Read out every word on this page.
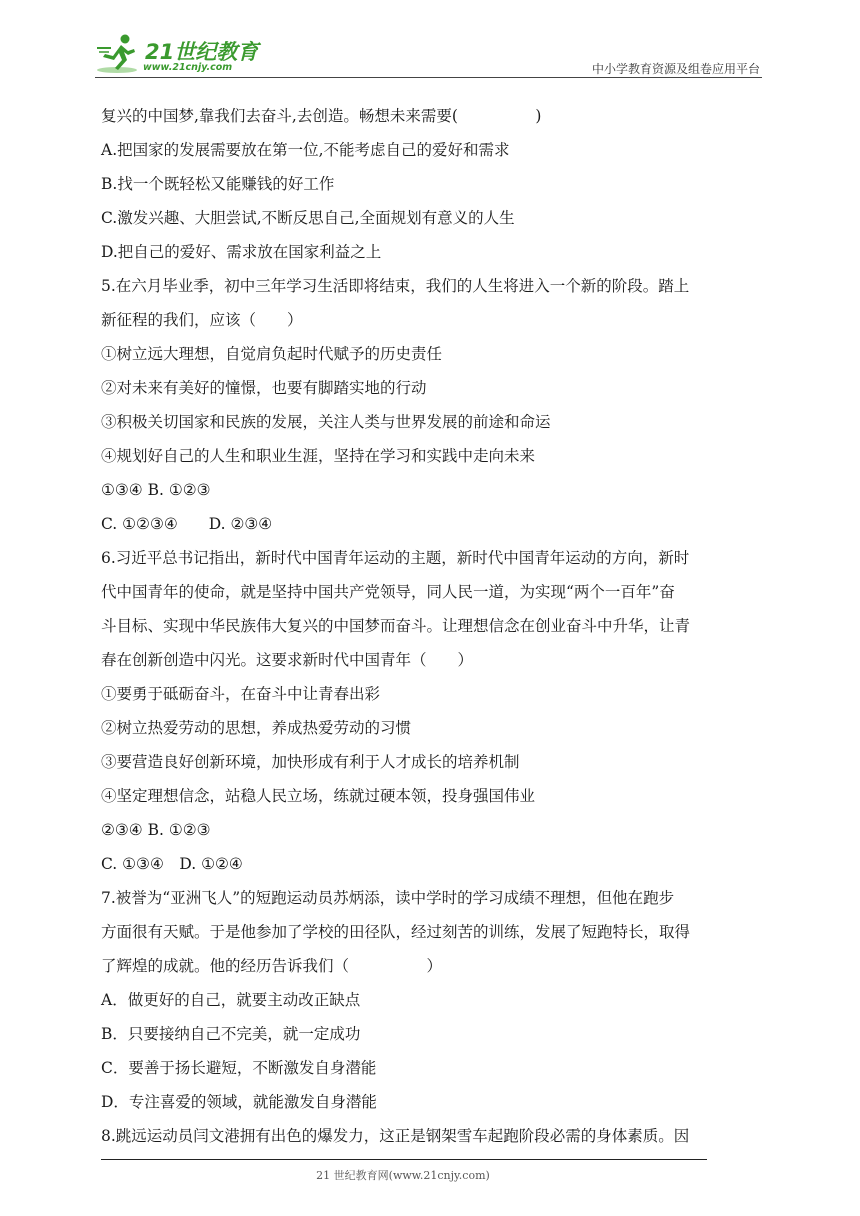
21世纪教育
www.21cnjy.com	中小学教育资源及组卷应用平台
复兴的中国梦,靠我们去奋斗,去创造。畅想未来需要(　　　　　)
A.把国家的发展需要放在第一位,不能考虑自己的爱好和需求
B.找一个既轻松又能赚钱的好工作
C.激发兴趣、大胆尝试,不断反思自己,全面规划有意义的人生
D.把自己的爱好、需求放在国家利益之上
5.在六月毕业季，初中三年学习生活即将结束，我们的人生将进入一个新的阶段。踏上
新征程的我们，应该（　　）
①树立远大理想，自觉肩负起时代赋予的历史责任
②对未来有美好的憧憬，也要有脚踏实地的行动
③积极关切国家和民族的发展，关注人类与世界发展的前途和命运
④规划好自己的人生和职业生涯，坚持在学习和实践中走向未来
①③④ B. ①②③
C. ①②③④　　D. ②③④
6.习近平总书记指出，新时代中国青年运动的主题，新时代中国青年运动的方向，新时
代中国青年的使命，就是坚持中国共产党领导，同人民一道，为实现“两个一百年”奋
斗目标、实现中华民族伟大复兴的中国梦而奋斗。让理想信念在创业奋斗中升华，让青
春在创新创造中闪光。这要求新时代中国青年（　　）
①要勇于砥砺奋斗，在奋斗中让青春出彩
②树立热爱劳动的思想，养成热爱劳动的习惯
③要营造良好创新环境，加快形成有利于人才成长的培养机制
④坚定理想信念，站稳人民立场，练就过硬本领，投身强国伟业
②③④ B. ①②③
C. ①③④　D. ①②④
7.被誉为“亚洲飞人”的短跑运动员苏炳添，读中学时的学习成绩不理想，但他在跑步
方面很有天赋。于是他参加了学校的田径队，经过刻苦的训练，发展了短跑特长，取得
了辉煌的成就。他的经历告诉我们（　　　　　）
A．做更好的自己，就要主动改正缺点
B．只要接纳自己不完美，就一定成功
C．要善于扬长避短，不断激发自身潜能
D．专注喜爱的领域，就能激发自身潜能
8.跳远运动员闫文港拥有出色的爆发力，这正是钢架雪车起跑阶段必需的身体素质。因
21 世纪教育网(www.21cnjy.com)
